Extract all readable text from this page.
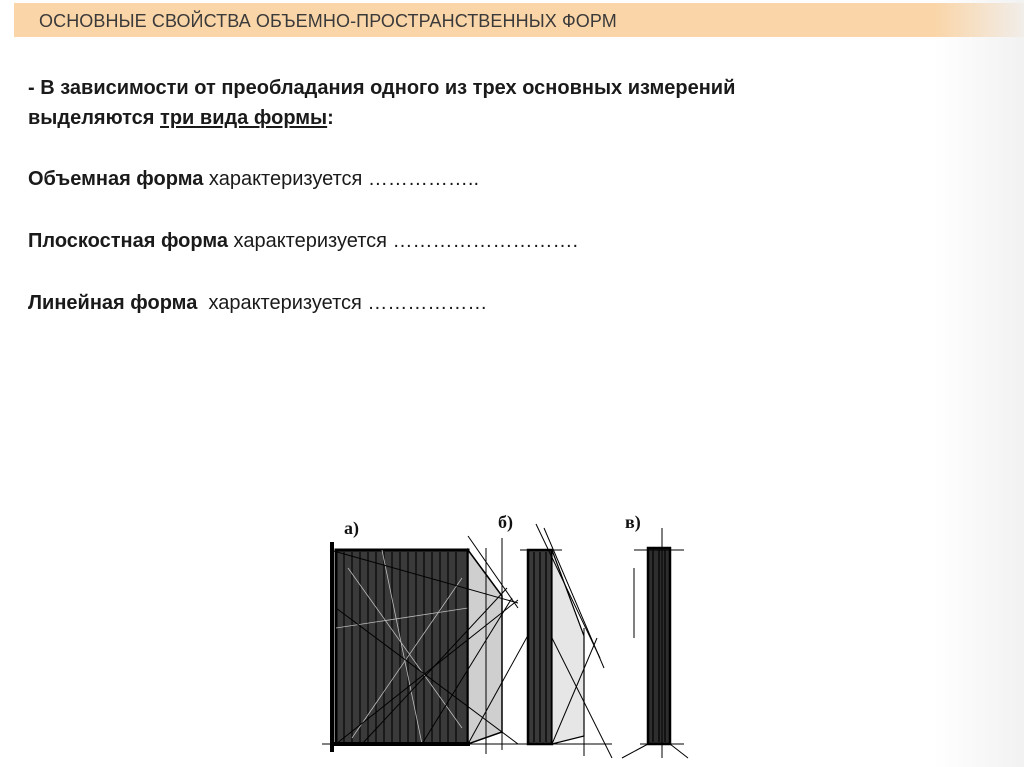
ОСНОВНЫЕ СВОЙСТВА ОБЪЕМНО-ПРОСТРАНСТВЕННЫХ ФОРМ
- В зависимости от преобладания одного из трех основных измерений
выделяются три вида формы:
Объемная форма характеризуется ……………..
Плоскостная форма характеризуется ……………………….
Линейная форма  характеризуется ………………
а)	б)	в)
